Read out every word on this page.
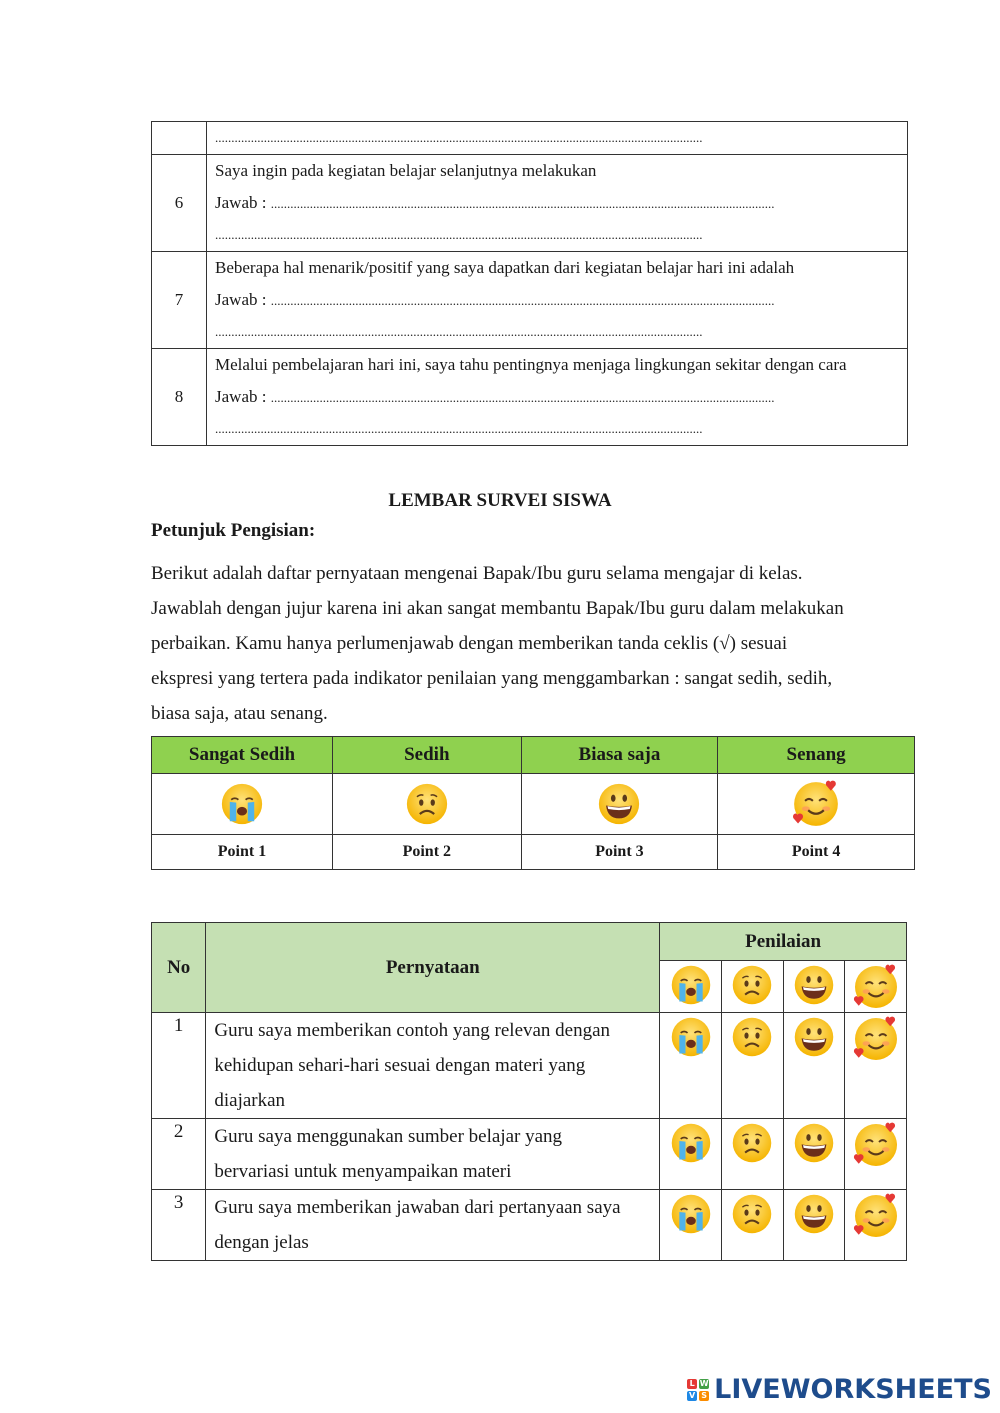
	......................................................................................................................................................

6	Saya ingin pada kegiatan belajar selanjutnya melakukan
Jawab : ...........................................................................................................................................................
......................................................................................................................................................

7	Beberapa hal menarik/positif yang saya dapatkan dari kegiatan belajar hari ini adalah
Jawab : ...........................................................................................................................................................
......................................................................................................................................................

8	Melalui pembelajaran hari ini, saya tahu pentingnya menjaga lingkungan sekitar dengan cara
Jawab : ...........................................................................................................................................................
......................................................................................................................................................
LEMBAR SURVEI SISWA
Petunjuk Pengisian:
Berikut adalah daftar pernyataan mengenai Bapak/Ibu guru selama mengajar di kelas.
Jawablah dengan jujur karena ini akan sangat membantu Bapak/Ibu guru dalam melakukan
perbaikan. Kamu hanya perlumenjawab dengan memberikan tanda ceklis (√) sesuai
ekspresi yang tertera pada indikator penilaian yang menggambarkan : sangat sedih, sedih,
biasa saja, atau senang.
Sangat Sedih	Sedih	Biasa saja	Senang

Point 1	Point 2	Point 3	Point 4
No	Pernyataan	Penilaian			

1	Guru saya memberikan contoh yang relevan dengan
kehidupan sehari-hari sesuai dengan materi yang
diajarkan

2	Guru saya menggunakan sumber belajar yang
bervariasi untuk menyampaikan materi

3	Guru saya memberikan jawaban dari pertanyaan saya
dengan jelas

L W
V S LIVEWORKSHEETS
